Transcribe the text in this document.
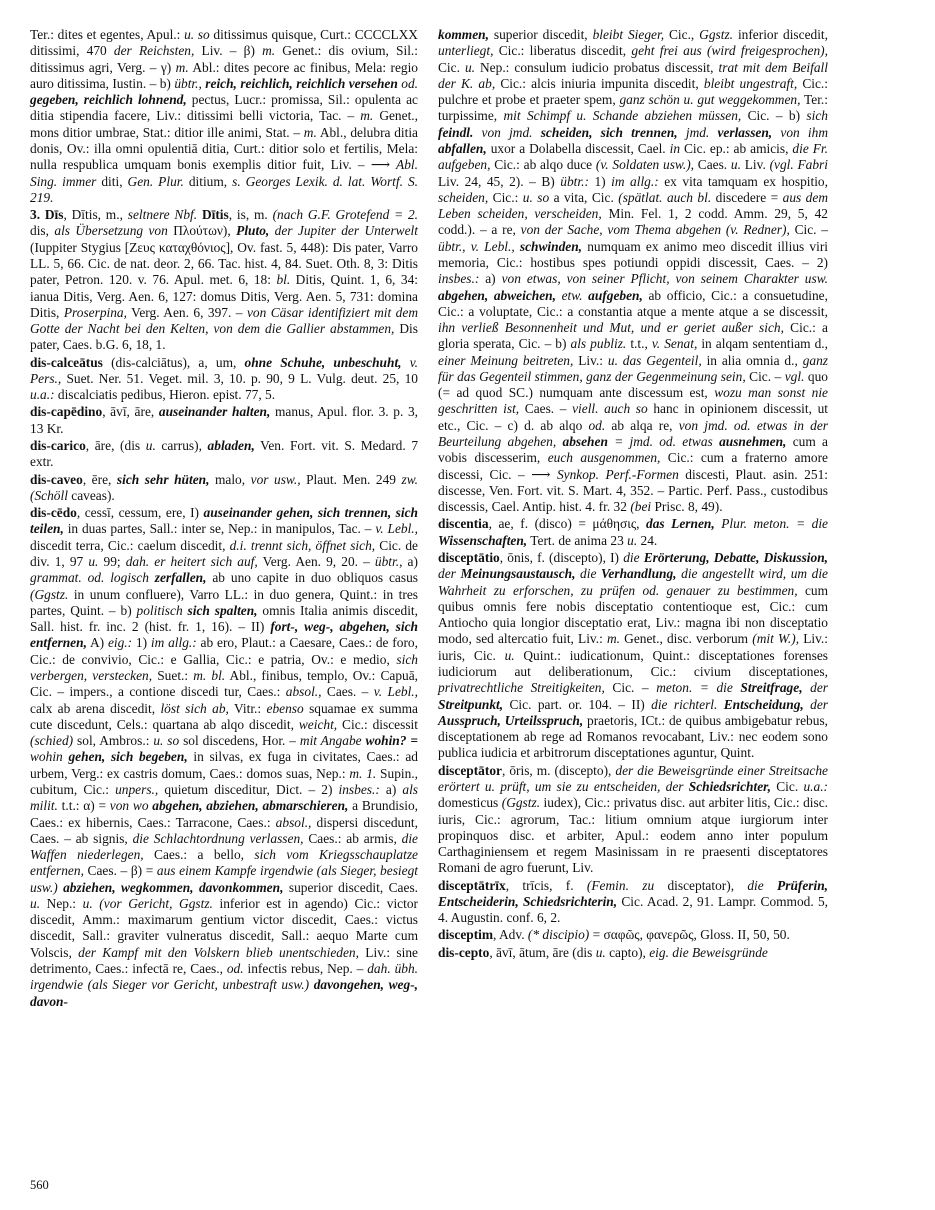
Ter.: dites et egentes, Apul.: u. so ditissimus quisque, Curt.: CCCCLXX ditissimi, 470 der Reichsten, Liv. – β) m. Genet.: dis ovium, Sil.: ditissimus agri, Verg. – γ) m. Abl.: dites pecore ac finibus, Mela: regio auro ditissima, Iustin. – b) übtr., reich, reichlich, reichlich versehen od. gegeben, reichlich lohnend, pectus, Lucr.: promissa, Sil.: opulenta ac ditia stipendia facere, Liv.: ditissimi belli victoria, Tac. – m. Genet., mons ditior umbrae, Stat.: ditior ille animi, Stat. – m. Abl., delubra ditia donis, Ov.: illa omni opulentiā ditia, Curt.: ditior solo et fertilis, Mela: nulla respublica umquam bonis exemplis ditior fuit, Liv. – ⟶ Abl. Sing. immer diti, Gen. Plur. ditium, s. Georges Lexik. d. lat. Wortf. S. 219.

3. Dīs, Dītis, m., seltnere Nbf. Dītis, is, m. (nach G.F. Grotefend = 2. dis, als Übersetzung von Πλούτων), Pluto, der Jupiter der Unterwelt (Iuppiter Stygius [Ζευς καταχθόνιος], Ov. fast. 5, 448): Dis pater, Varro LL. 5, 66. Cic. de nat. deor. 2, 66. Tac. hist. 4, 84. Suet. Oth. 8, 3: Ditis pater, Petron. 120. v. 76. Apul. met. 6, 18: bl. Ditis, Quint. 1, 6, 34: ianua Ditis, Verg. Aen. 6, 127: domus Ditis, Verg. Aen. 5, 731: domina Ditis, Proserpina, Verg. Aen. 6, 397. – von Cäsar identifiziert mit dem Gotte der Nacht bei den Kelten, von dem die Gallier abstammen, Dis pater, Caes. b.G. 6, 18, 1.

dis-calceātus (dis-calciātus), a, um, ohne Schuhe, unbeschuht, v. Pers., Suet. Ner. 51. Veget. mil. 3, 10. p. 90, 9 L. Vulg. deut. 25, 10 u.a.: discalciatis pedibus, Hieron. epist. 77, 5.

dis-capēdino, āvī, āre, auseinander halten, manus, Apul. flor. 3. p. 3, 13 Kr.

dis-carico, āre, (dis u. carrus), abladen, Ven. Fort. vit. S. Medard. 7 extr.

dis-caveo, ēre, sich sehr hüten, malo, vor usw., Plaut. Men. 249 zw. (Schöll caveas).

dis-cēdo, cessī, cessum, ere, I) auseinander gehen, sich trennen, sich teilen, in duas partes, Sall.: inter se, Nep.: in manipulos, Tac. – v. Lebl., discedit terra, Cic.: caelum discedit, d.i. trennt sich, öffnet sich, Cic. de div. 1, 97 u. 99; dah. er heitert sich auf, Verg. Aen. 9, 20. – übtr., a) grammat. od. logisch zerfallen, ab uno capite in duo obliquos casus (Ggstz. in unum confluere), Varro LL.: in duo genera, Quint.: in tres partes, Quint. – b) politisch sich spalten, omnis Italia animis discedit, Sall. hist. fr. inc. 2 (hist. fr. 1, 16). – II) fort-, weg-, abgehen, sich entfernen, A) eig.: 1) im allg.: ab ero, Plaut.: a Caesare, Caes.: de foro, Cic.: de convivio, Cic.: e Gallia, Cic.: e patria, Ov.: e medio, sich verbergen, verstecken, Suet.: m. bl. Abl., finibus, templo, Ov.: Capuā, Cic. – impers., a contione discedi tur, Caes.: absol., Caes. – v. Lebl., calx ab arena discedit, löst sich ab, Vitr.: ebenso squamae ex summa cute discedunt, Cels.: quartana ab alqo discedit, weicht, Cic.: discessit (schied) sol, Ambros.: u. so sol discedens, Hor. – mit Angabe wohin? = wohin gehen, sich begeben, in silvas, ex fuga in civitates, Caes.: ad urbem, Verg.: ex castris domum, Caes.: domos suas, Nep.: m. 1. Supin., cubitum, Cic.: unpers., quietum disceditur, Dict. – 2) insbes.: a) als milit. t.t.: α) = von wo abgehen, abziehen, abmarschieren, a Brundisio, Caes.: ex hibernis, Caes.: Tarracone, Caes.: absol., dispersi discedunt, Caes. – ab signis, die Schlachtordnung verlassen, Caes.: ab armis, die Waffen niederlegen, Caes.: a bello, sich vom Kriegsschauplatze entfernen, Caes. – β) = aus einem Kampfe irgendwie (als Sieger, besiegt usw.) abziehen, wegkommen, davonkommen, superior discedit, Caes. u. Nep.: u. (vor Gericht, Ggstz. inferior est in agendo) Cic.: victor discedit, Amm.: maximarum gentium victor discedit, Caes.: victus discedit, Sall.: graviter vulneratus discedit, Sall.: aequo Marte cum Volscis, der Kampf mit den Volskern blieb unentschieden, Liv.: sine detrimento, Caes.: infectā re, Caes., od. infectis rebus, Nep. – dah. übh. irgendwie (als Sieger vor Gericht, unbestraft usw.) davongehen, weg-, davon-

kommen, superior discedit, bleibt Sieger, Cic., Ggstz. inferior discedit, unterliegt, Cic.: liberatus discedit, geht frei aus (wird freigesprochen), Cic. u. Nep.: consulum iudicio probatus discessit, trat mit dem Beifall der K. ab, Cic.: alcis iniuria impunita discedit, bleibt ungestraft, Cic.: pulchre et probe et praeter spem, ganz schön u. gut weggekommen, Ter.: turpissime, mit Schimpf u. Schande abziehen müssen, Cic. – b) sich feindl. von jmd. scheiden, sich trennen, jmd. verlassen, von ihm abfallen, uxor a Dolabella discessit, Cael. in Cic. ep.: ab amicis, die Fr. aufgeben, Cic.: ab alqo duce (v. Soldaten usw.), Caes. u. Liv. (vgl. Fabri Liv. 24, 45, 2). – B) übtr.: 1) im allg.: ex vita tamquam ex hospitio, scheiden, Cic.: u. so a vita, Cic. (spätlat. auch bl. discedere = aus dem Leben scheiden, verscheiden, Min. Fel. 1, 2 codd. Amm. 29, 5, 42 codd.). – a re, von der Sache, vom Thema abgehen (v. Redner), Cic. – übtr., v. Lebl., schwinden, numquam ex animo meo discedit illius viri memoria, Cic.: hostibus spes potiundi oppidi discessit, Caes. – 2) insbes.: a) von etwas, von seiner Pflicht, von seinem Charakter usw. abgehen, abweichen, etw. aufgeben, ab officio, Cic.: a consuetudine, Cic.: a voluptate, Cic.: a constantia atque a mente atque a se discessit, ihn verließ Besonnenheit und Mut, und er geriet außer sich, Cic.: a gloria sperata, Cic. – b) als publiz. t.t., v. Senat, in alqam sententiam d., einer Meinung beitreten, Liv.: u. das Gegenteil, in alia omnia d., ganz für das Gegenteil stimmen, ganz der Gegenmeinung sein, Cic. – vgl. quo (= ad quod SC.) numquam ante discessum est, wozu man sonst nie geschritten ist, Caes. – viell. auch so hanc in opinionem discessit, ut etc., Cic. – c) d. ab alqo od. ab alqa re, von jmd. od. etwas in der Beurteilung abgehen, absehen = jmd. od. etwas ausnehmen, cum a vobis discesserim, euch ausgenommen, Cic.: cum a fraterno amore discessi, Cic. – ⟶ Synkop. Perf.-Formen discesti, Plaut. asin. 251: discesse, Ven. Fort. vit. S. Mart. 4, 352. – Partic. Perf. Pass., custodibus discessis, Cael. Antip. hist. 4. fr. 32 (bei Prisc. 8, 49).

discentia, ae, f. (disco) = μάθησις, das Lernen, Plur. meton. = die Wissenschaften, Tert. de anima 23 u. 24.

disceptātio, ōnis, f. (discepto), I) die Erörterung, Debatte, Diskussion, der Meinungsaustausch, die Verhandlung, die angestellt wird, um die Wahrheit zu erforschen, zu prüfen od. genauer zu bestimmen, cum quibus omnis fere nobis disceptatio contentioque est, Cic.: cum Antiocho quia longior disceptatio erat, Liv.: magna ibi non disceptatio modo, sed altercatio fuit, Liv.: m. Genet., disc. verborum (mit W.), Liv.: iuris, Cic. u. Quint.: iudicationum, Quint.: disceptationes forenses iudiciorum aut deliberationum, Cic.: civium disceptationes, privatrechtliche Streitigkeiten, Cic. – meton. = die Streitfrage, der Streitpunkt, Cic. part. or. 104. – II) die richterl. Entscheidung, der Ausspruch, Urteilsspruch, praetoris, ICt.: de quibus ambigebatur rebus, disceptationem ab rege ad Romanos revocabant, Liv.: nec eodem sono publica iudicia et arbitrorum disceptationes aguntur, Quint.

disceptātor, ōris, m. (discepto), der die Beweisgründe einer Streitsache erörtert u. prüft, um sie zu entscheiden, der Schiedsrichter, Cic. u.a.: domesticus (Ggstz. iudex), Cic.: privatus disc. aut arbiter litis, Cic.: disc. iuris, Cic.: agrorum, Tac.: litium omnium atque iurgiorum inter propinquos disc. et arbiter, Apul.: eodem anno inter populum Carthaginiensem et regem Masinissam in re praesenti disceptatores Romani de agro fuerunt, Liv.

disceptātrīx, trīcis, f. (Femin. zu disceptator), die Prüferin, Entscheiderin, Schiedsrichterin, Cic. Acad. 2, 91. Lampr. Commod. 5, 4. Augustin. conf. 6, 2.

disceptim, Adv. (* discipio) = σαφῶς, φανερῶς, Gloss. II, 50, 50.

dis-cepto, āvī, ātum, āre (dis u. capto), eig. die Beweisgründe

560
